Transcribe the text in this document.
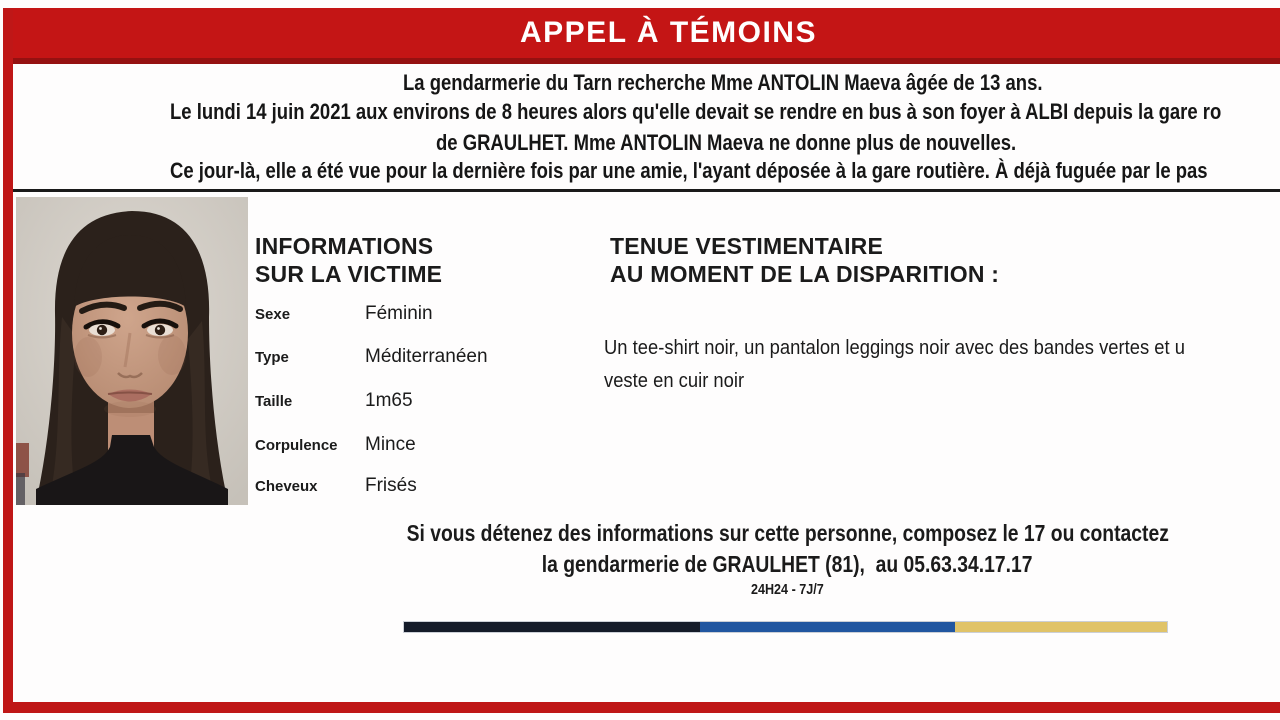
APPEL À TÉMOINS
La gendarmerie du Tarn recherche Mme ANTOLIN Maeva âgée de 13 ans.
Le lundi 14 juin 2021 aux environs de 8 heures alors qu'elle devait se rendre en bus à son foyer à ALBI depuis la gare ro
de GRAULHET. Mme ANTOLIN Maeva ne donne plus de nouvelles.
Ce jour-là, elle a été vue pour la dernière fois par une amie, l'ayant déposée à la gare routière. À déjà fuguée par le pas
INFORMATIONS
SUR LA VICTIME
Sexe	Féminin
Type	Méditerranéen
Taille	1m65
Corpulence Mince
Cheveux Frisés
TENUE VESTIMENTAIRE
AU MOMENT DE LA DISPARITION :
Un tee-shirt noir, un pantalon leggings noir avec des bandes vertes et u
veste en cuir noir
Si vous détenez des informations sur cette personne, composez le 17 ou contactez
la gendarmerie de GRAULHET (81),  au 05.63.34.17.17
24H24 - 7J/7
